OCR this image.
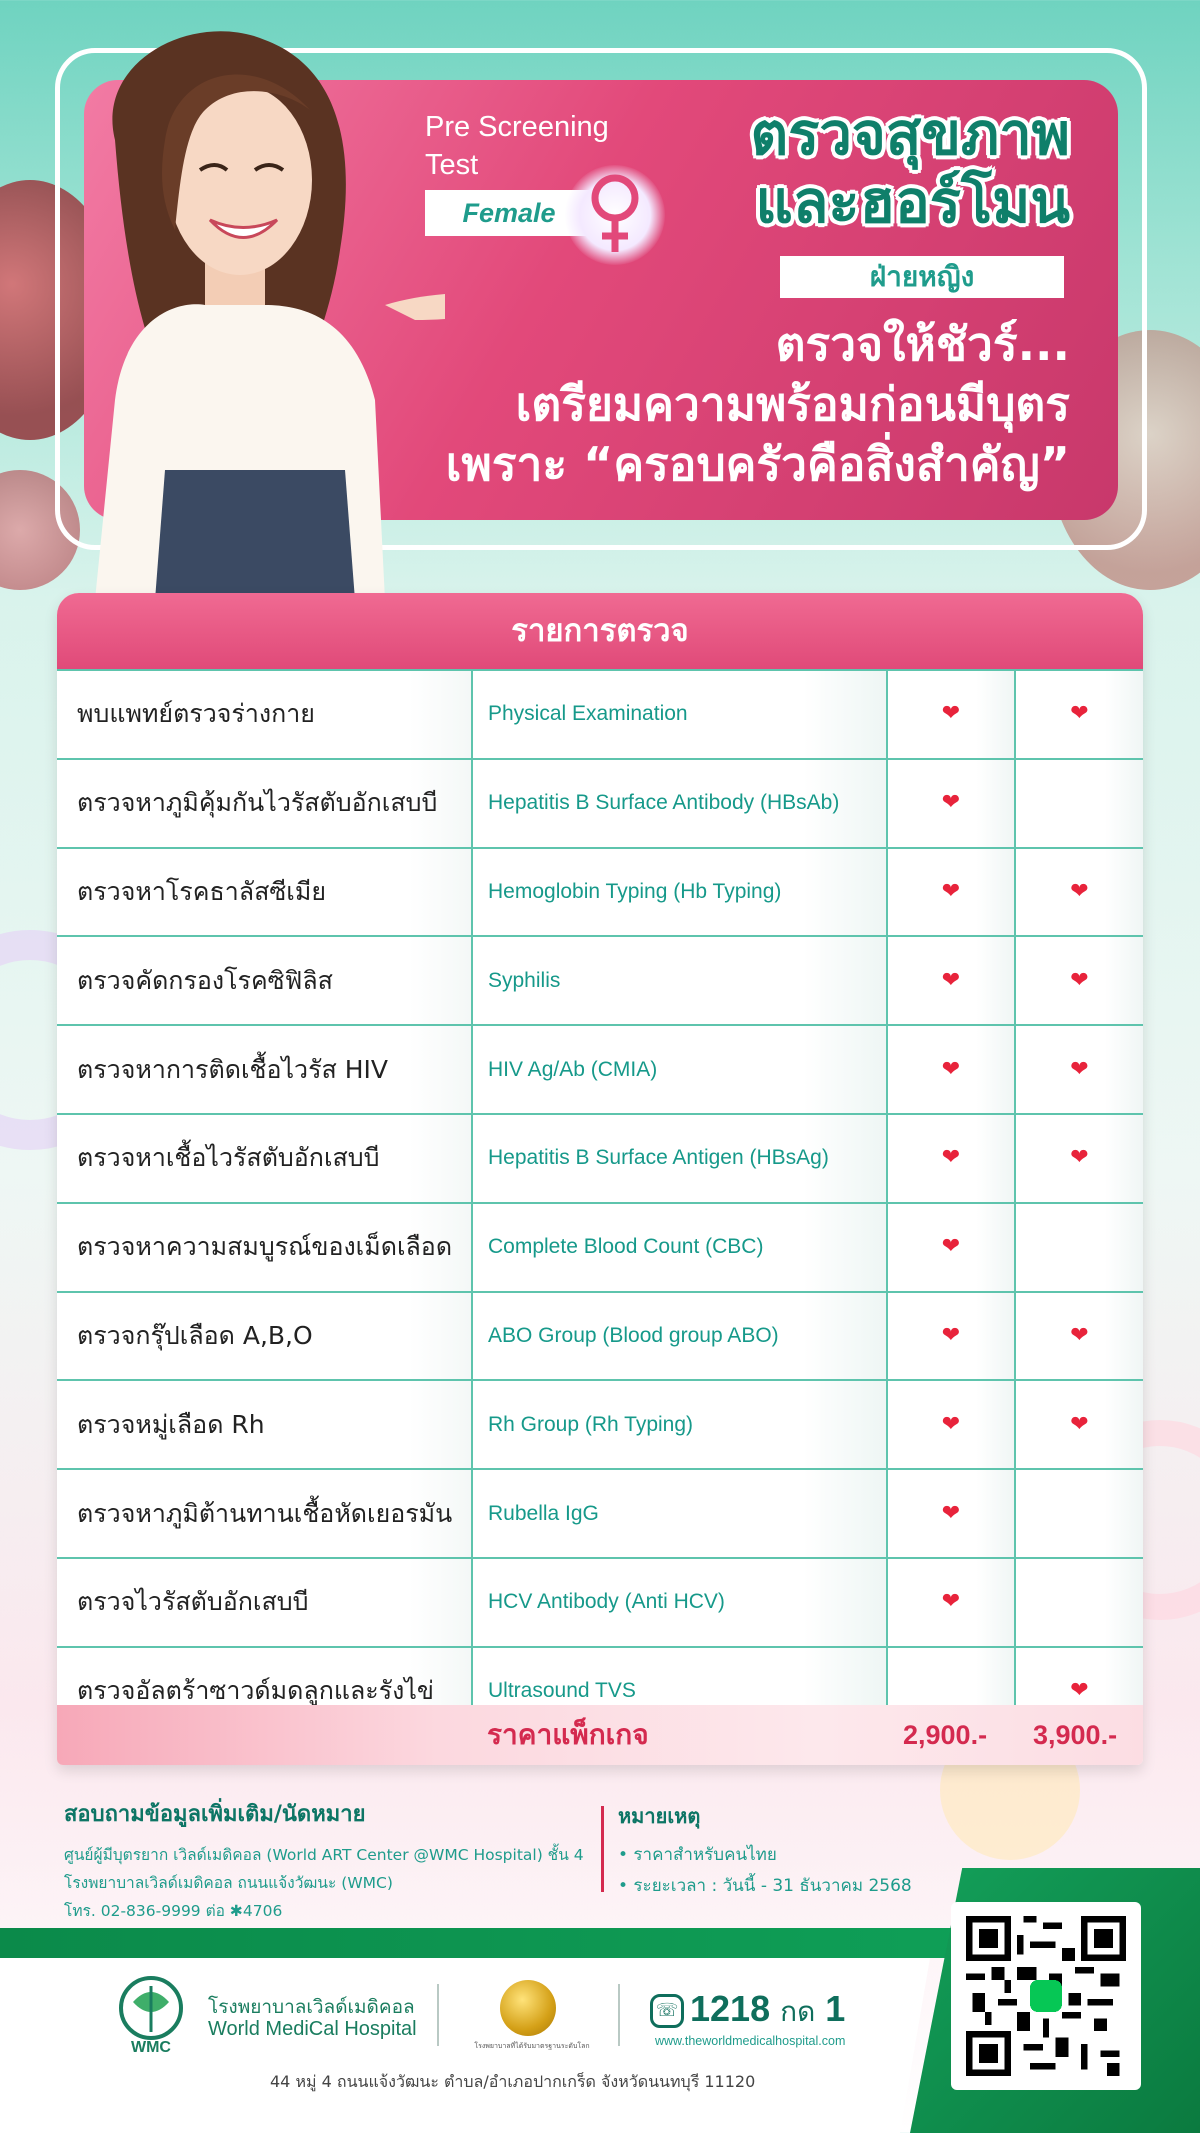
Pre Screening Test
Female
ตรวจสุขภาพ
และฮอร์โมน
ฝ่ายหญิง
ตรวจให้ชัวร์...
เตรียมความพร้อมก่อนมีบุตร
เพราะ “ครอบครัวคือสิ่งสำคัญ”
รายการตรวจ
พบแพทย์ตรวจร่างกาย	Physical Examination	❤	❤
ตรวจหาภูมิคุ้มกันไวรัสตับอักเสบบี	Hepatitis B Surface Antibody (HBsAb)	❤	
ตรวจหาโรคธาลัสซีเมีย	Hemoglobin Typing (Hb Typing)	❤	❤
ตรวจคัดกรองโรคซิฟิลิส	Syphilis	❤	❤
ตรวจหาการติดเชื้อไวรัส HIV	HIV Ag/Ab (CMIA)	❤	❤
ตรวจหาเชื้อไวรัสตับอักเสบบี	Hepatitis B Surface Antigen (HBsAg)	❤	❤
ตรวจหาความสมบูรณ์ของเม็ดเลือด	Complete Blood Count (CBC)	❤	
ตรวจกรุ๊ปเลือด A,B,O	ABO Group (Blood group ABO)	❤	❤
ตรวจหมู่เลือด Rh	Rh Group (Rh Typing)	❤	❤
ตรวจหาภูมิต้านทานเชื้อหัดเยอรมัน	Rubella IgG	❤	
ตรวจไวรัสตับอักเสบบี	HCV Antibody (Anti HCV)	❤	
ตรวจอัลตร้าซาวด์มดลูกและรังไข่	Ultrasound TVS		❤
ราคาแพ็กเกจ	2,900.- 3,900.-
สอบถามข้อมูลเพิ่มเติม/นัดหมาย
ศูนย์ผู้มีบุตรยาก เวิลด์เมดิคอล (World ART Center @WMC Hospital) ชั้น 4
โรงพยาบาลเวิลด์เมดิคอล ถนนแจ้งวัฒนะ (WMC)
โทร. 02-836-9999 ต่อ ✱4706
หมายเหตุ
• ราคาสำหรับคนไทย
• ระยะเวลา : วันนี้ - 31 ธันวาคม 2568
WMC
โรงพยาบาลเวิลด์เมดิคอล
World MediCal Hospital
โรงพยาบาลที่ได้รับมาตรฐานระดับโลก
☏ 1218 กด 1
www.theworldmedicalhospital.com
44 หมู่ 4 ถนนแจ้งวัฒนะ ตำบล/อำเภอปากเกร็ด จังหวัดนนทบุรี 11120
